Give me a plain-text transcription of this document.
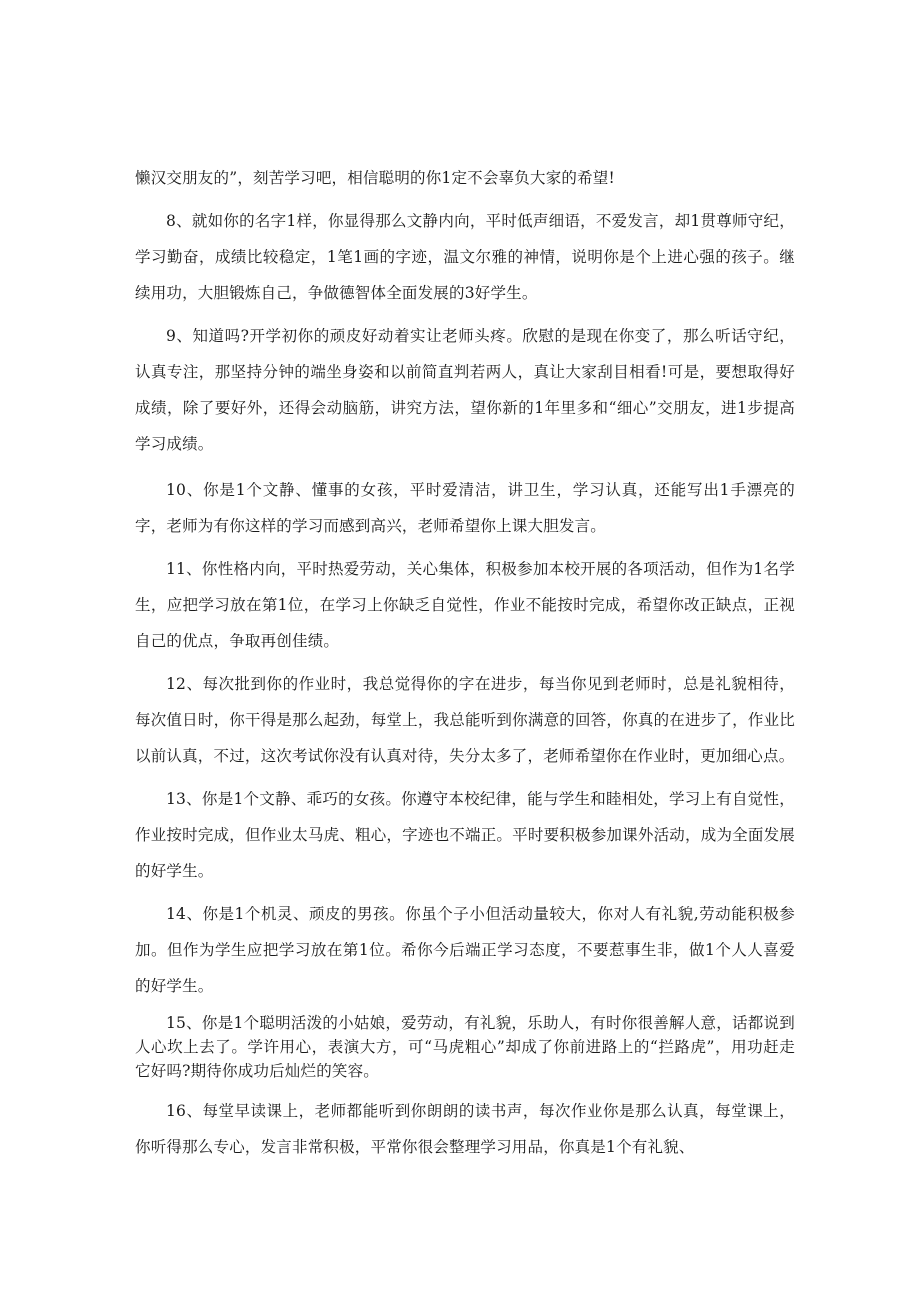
懒汉交朋友的”，刻苦学习吧，相信聪明的你1定不会辜负大家的希望!

8、就如你的名字1样，你显得那么文静内向，平时低声细语，不爱发言，却1贯尊师守纪，学习勤奋，成绩比较稳定，1笔1画的字迹，温文尔雅的神情，说明你是个上进心强的孩子。继续用功，大胆锻炼自己，争做德智体全面发展的3好学生。

9、知道吗?开学初你的顽皮好动着实让老师头疼。欣慰的是现在你变了，那么听话守纪，认真专注，那坚持分钟的端坐身姿和以前简直判若两人，真让大家刮目相看!可是，要想取得好成绩，除了要好外，还得会动脑筋，讲究方法，望你新的1年里多和“细心”交朋友，进1步提高学习成绩。

10、你是1个文静、懂事的女孩，平时爱清洁，讲卫生，学习认真，还能写出1手漂亮的字，老师为有你这样的学习而感到高兴，老师希望你上课大胆发言。

11、你性格内向，平时热爱劳动，关心集体，积极参加本校开展的各项活动，但作为1名学生，应把学习放在第1位，在学习上你缺乏自觉性，作业不能按时完成，希望你改正缺点，正视自己的优点，争取再创佳绩。

12、每次批到你的作业时，我总觉得你的字在进步，每当你见到老师时，总是礼貌相待，每次值日时，你干得是那么起劲，每堂上，我总能听到你满意的回答，你真的在进步了，作业比以前认真，不过，这次考试你没有认真对待，失分太多了，老师希望你在作业时，更加细心点。

13、你是1个文静、乖巧的女孩。你遵守本校纪律，能与学生和睦相处，学习上有自觉性，作业按时完成，但作业太马虎、粗心，字迹也不端正。平时要积极参加课外活动，成为全面发展的好学生。

14、你是1个机灵、顽皮的男孩。你虽个子小但活动量较大，你对人有礼貌,劳动能积极参加。但作为学生应把学习放在第1位。希你今后端正学习态度，不要惹事生非，做1个人人喜爱的好学生。

15、你是1个聪明活泼的小姑娘，爱劳动，有礼貌，乐助人，有时你很善解人意，话都说到人心坎上去了。学许用心，表演大方，可“马虎粗心”却成了你前进路上的“拦路虎”，用功赶走它好吗?期待你成功后灿烂的笑容。

16、每堂早读课上，老师都能听到你朗朗的读书声，每次作业你是那么认真，每堂课上，你听得那么专心，发言非常积极，平常你很会整理学习用品，你真是1个有礼貌、
